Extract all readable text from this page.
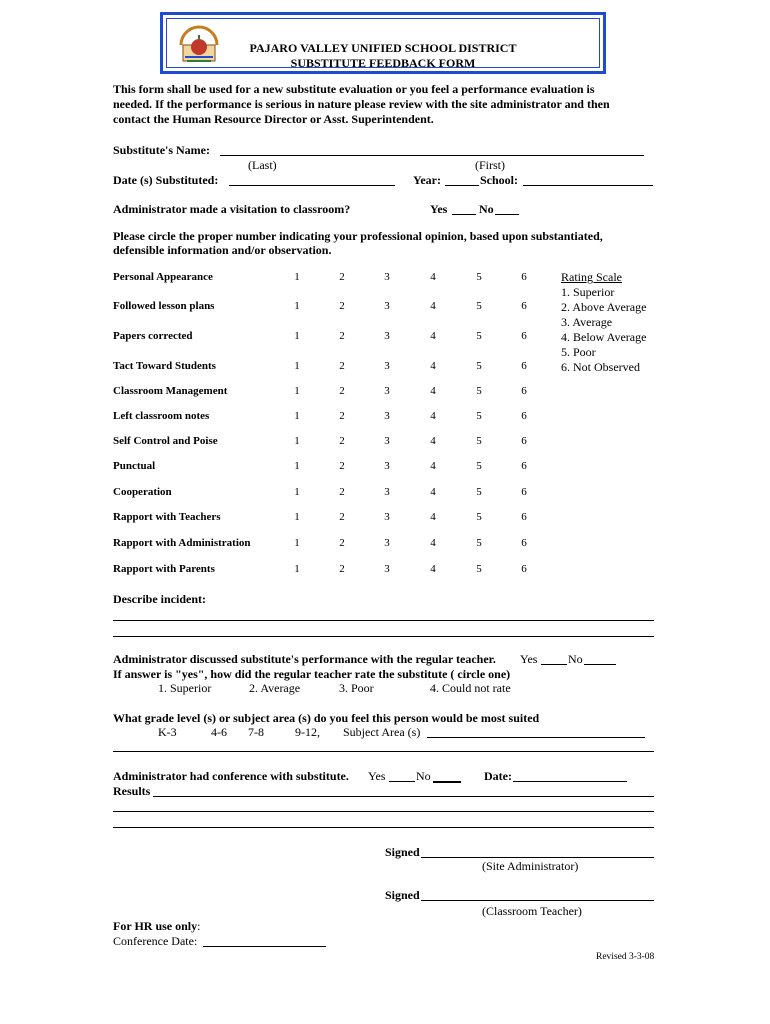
PAJARO VALLEY UNIFIED SCHOOL DISTRICT
SUBSTITUTE FEEDBACK FORM
This form shall be used for a new substitute evaluation or you feel a performance evaluation is
needed. If the performance is serious in nature please review with the site administrator and then
contact the Human Resource Director or Asst. Superintendent.
Substitute's Name:
(Last)	(First)
Date (s) Substituted:	Year:	School:
Administrator made a visitation to classroom?	Yes	No
Please circle the proper number indicating your professional opinion, based upon substantiated,
defensible information and/or observation.
Personal Appearance	1	2	3	4	5	6
Followed lesson plans	1	2	3	4	5	6
Papers corrected	1	2	3	4	5	6
Tact Toward Students	1	2	3	4	5	6
Classroom Management	1	2	3	4	5	6
Left classroom notes	1	2	3	4	5	6
Self Control and Poise	1	2	3	4	5	6
Punctual	1	2	3	4	5	6
Cooperation	1	2	3	4	5	6
Rapport with Teachers	1	2	3	4	5	6
Rapport with Administration	1	2	3	4	5	6
Rapport with Parents	1	2	3	4	5	6
Rating Scale
1. Superior
2. Above Average
3. Average
4. Below Average
5. Poor
6. Not Observed
Describe incident:
Administrator discussed substitute's performance with the regular teacher. Yes	No
If answer is "yes", how did the regular teacher rate the substitute ( circle one)
1. Superior	2. Average	3. Poor	4. Could not rate
What grade level (s) or subject area (s) do you feel this person would be most suited
K-3	4-6 7-8	9-12, Subject Area (s)
Administrator had conference with substitute. Yes	No	Date:
Results
Signed
(Site Administrator)
Signed
(Classroom Teacher)
For HR use only:
Conference Date:
Revised 3-3-08
